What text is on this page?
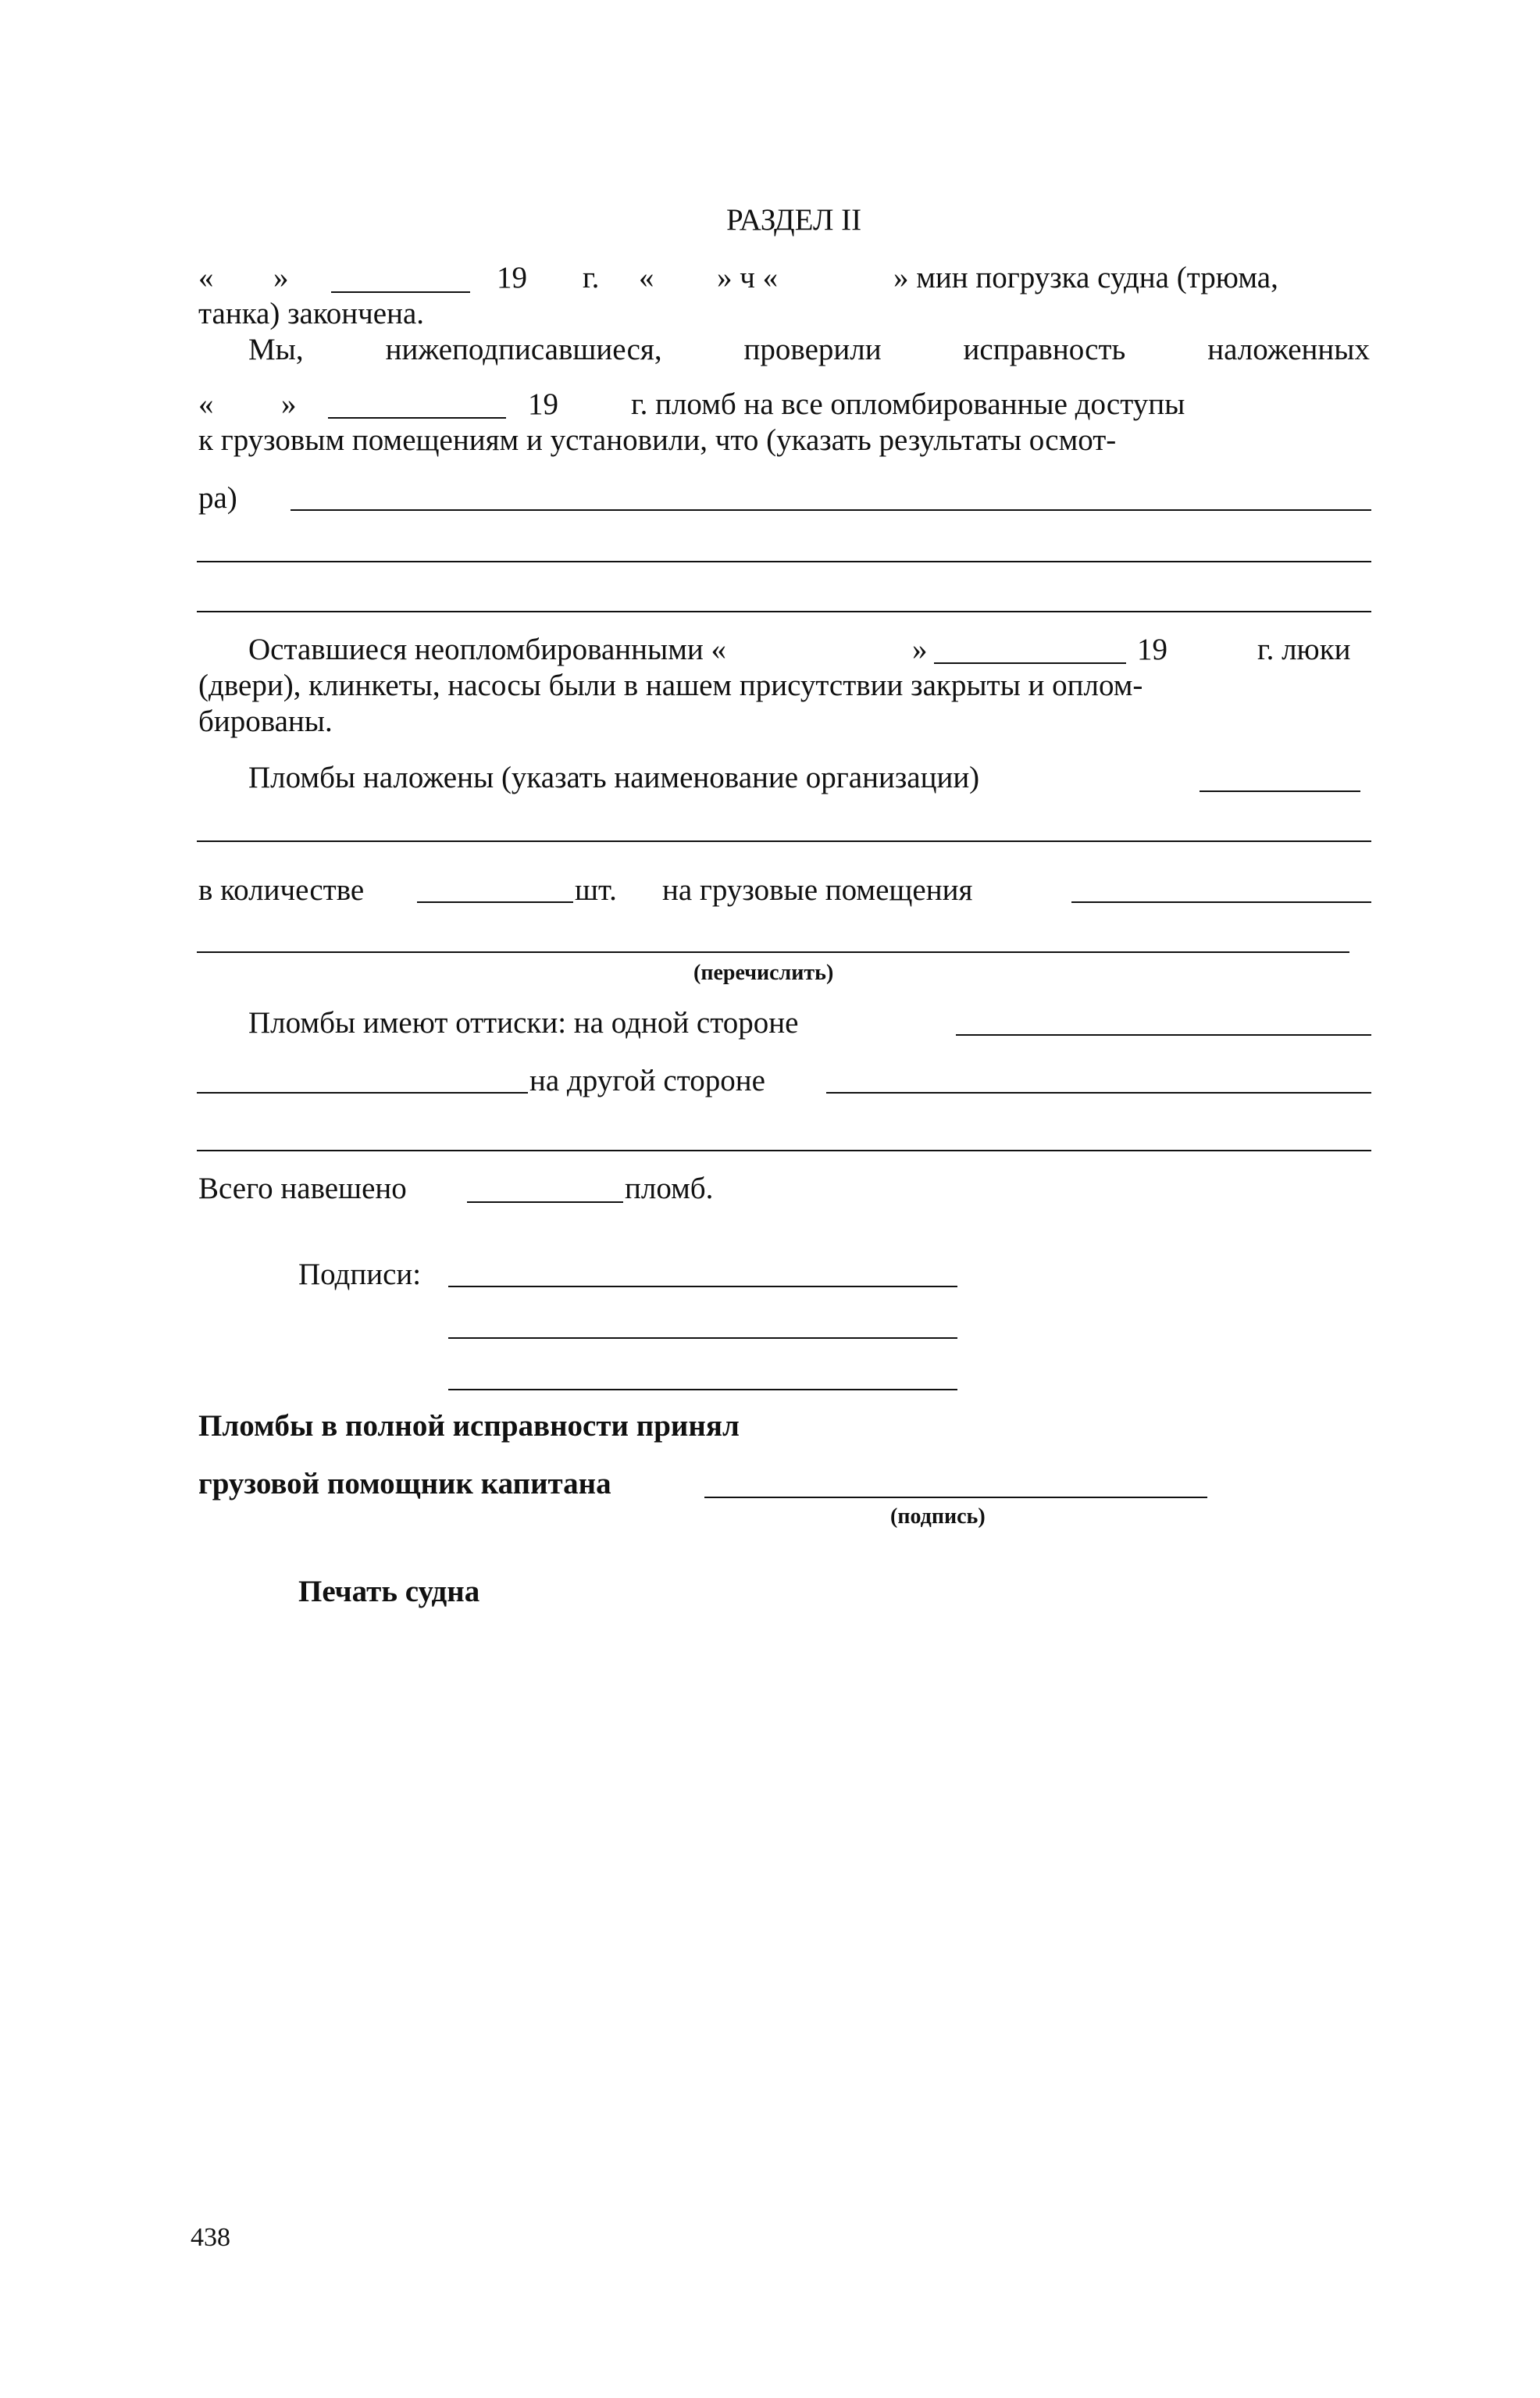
РАЗДЕЛ II
« »	19 г. « » ч «	» мин погрузка судна (трюма,
танка) закончена.
Мы,	нижеподписавшиеся,	проверили	исправность	наложенных
« »	19 г. пломб на все опломбированные доступы
к грузовым помещениям и установили, что (указать результаты осмот-
ра)
Оставшиеся неопломбированными «	»	19	г. люки
(двери), клинкеты, насосы были в нашем присутствии закрыты и оплом-
бированы.
Пломбы наложены (указать наименование организации)
в количестве	шт. на грузовые помещения
(перечислить)
Пломбы имеют оттиски: на одной стороне
на другой стороне
Всего навешено	пломб.
Подписи:
Пломбы в полной исправности принял
грузовой помощник капитана
(подпись)
Печать судна
438
